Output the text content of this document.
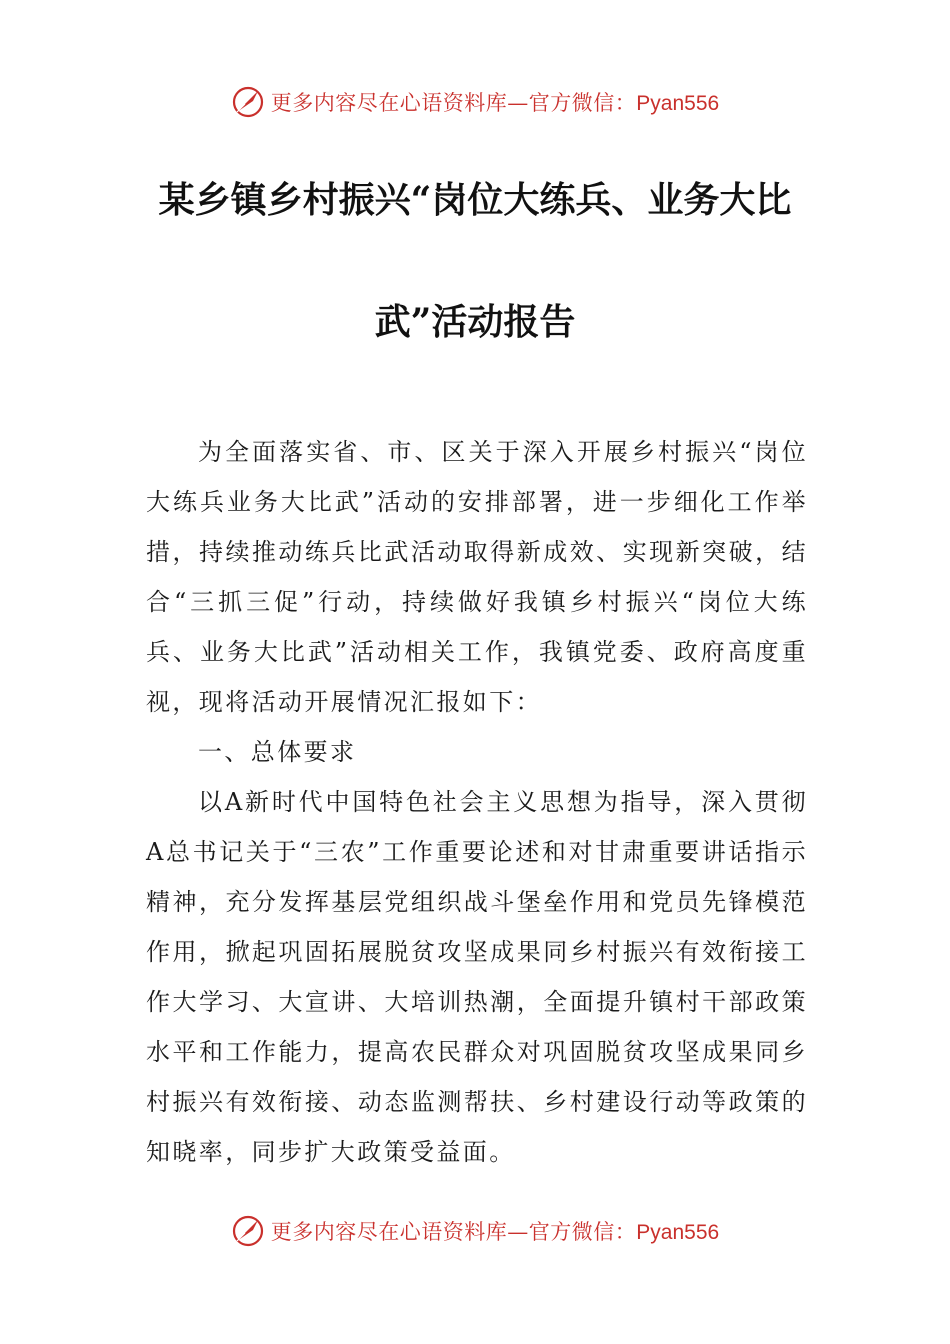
更多内容尽在心语资料库—官方微信：Pyan556
某乡镇乡村振兴“岗位大练兵、业务大比
武”活动报告

为全面落实省、市、区关于深入开展乡村振兴“岗位大练兵业务大比武”活动的安排部署，进一步细化工作举措，持续推动练兵比武活动取得新成效、实现新突破，结合“三抓三促”行动，持续做好我镇乡村振兴“岗位大练兵、业务大比武”活动相关工作，我镇党委、政府高度重视，现将活动开展情况汇报如下：

一、总体要求

以A新时代中国特色社会主义思想为指导，深入贯彻A总书记关于“三农”工作重要论述和对甘肃重要讲话指示精神，充分发挥基层党组织战斗堡垒作用和党员先锋模范作用，掀起巩固拓展脱贫攻坚成果同乡村振兴有效衔接工作大学习、大宣讲、大培训热潮，全面提升镇村干部政策水平和工作能力，提高农民群众对巩固脱贫攻坚成果同乡村振兴有效衔接、动态监测帮扶、乡村建设行动等政策的知晓率，同步扩大政策受益面。

更多内容尽在心语资料库—官方微信：Pyan556
